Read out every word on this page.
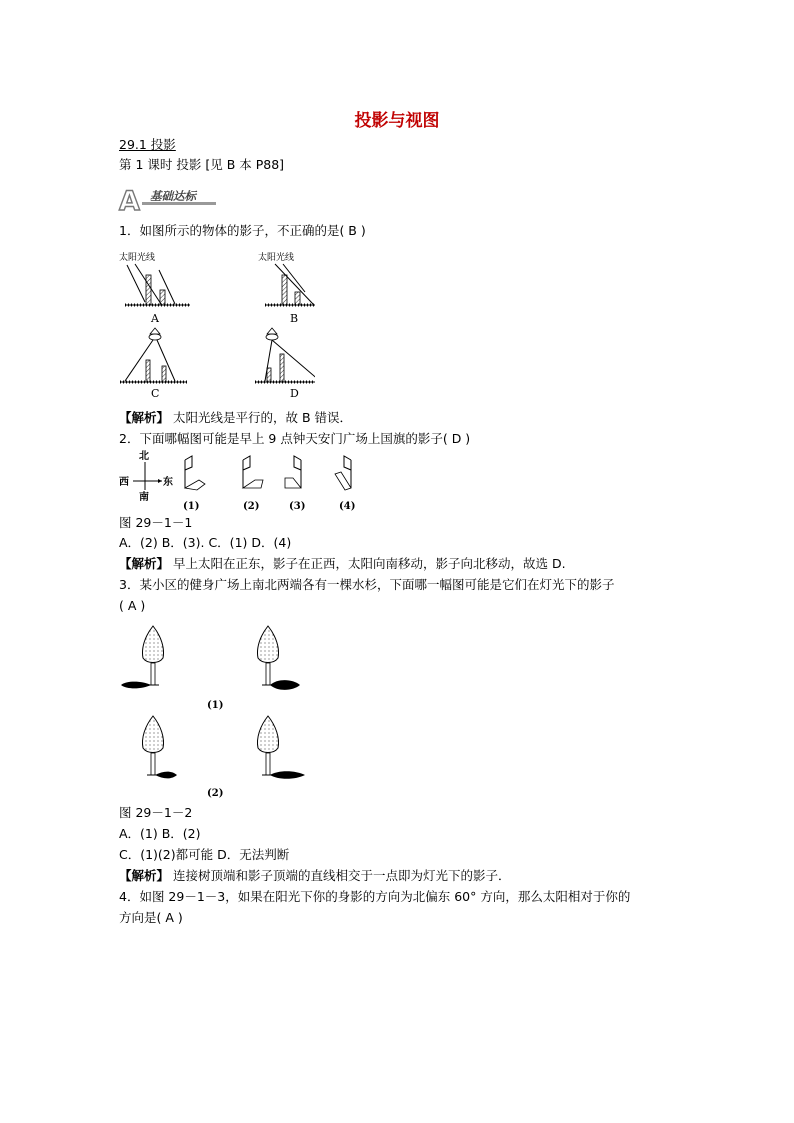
投影与视图
29.1 投影
第 1 课时 投影 [见 B 本 P88]
A 基础达标
1．如图所示的物体的影子，不正确的是( B )
太阳光线
A
太阳光线
B
C	D
【解析】 太阳光线是平行的，故 B 错误．
2．下面哪幅图可能是早上 9 点钟天安门广场上国旗的影子( D )
北
西	东
南
(1)	(2)	(3)	(4)
图 29－1－1
A．(2) B．(3). C．(1) D．(4)
【解析】 早上太阳在正东，影子在正西，太阳向南移动，影子向北移动，故选 D.
3．某小区的健身广场上南北两端各有一棵水杉，下面哪一幅图可能是它们在灯光下的影子
( A )
(1)
(2)
图 29－1－2
A．(1) B．(2)
C．(1)(2)都可能 D．无法判断
【解析】 连接树顶端和影子顶端的直线相交于一点即为灯光下的影子．
4．如图 29－1－3，如果在阳光下你的身影的方向为北偏东 60° 方向，那么太阳相对于你的
方向是( A )
